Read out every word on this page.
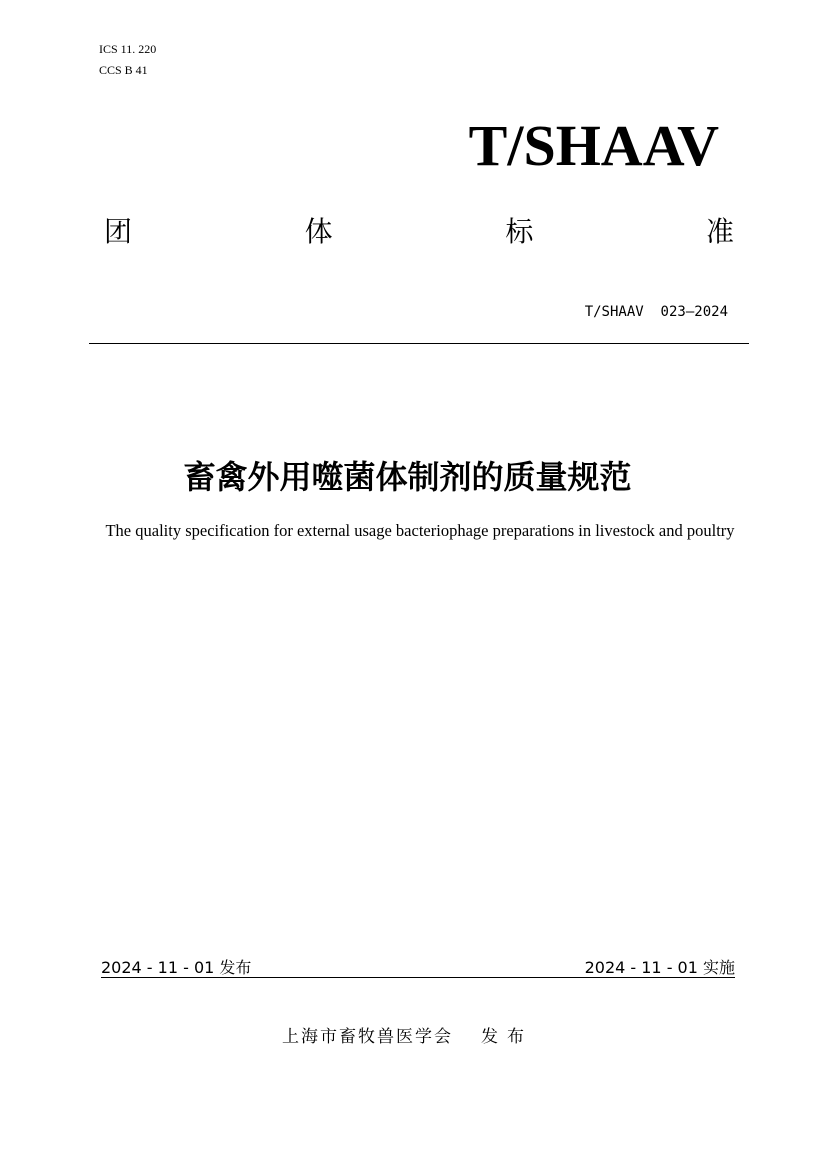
ICS 11. 220
CCS B 41
T/SHAAV
团	体	标	准
T/SHAAV  023—2024
畜禽外用噬菌体制剂的质量规范
The quality specification for external usage bacteriophage preparations in livestock and poultry
2024 - 11 - 01 发布	2024 - 11 - 01 实施
上海市畜牧兽医学会 发布
